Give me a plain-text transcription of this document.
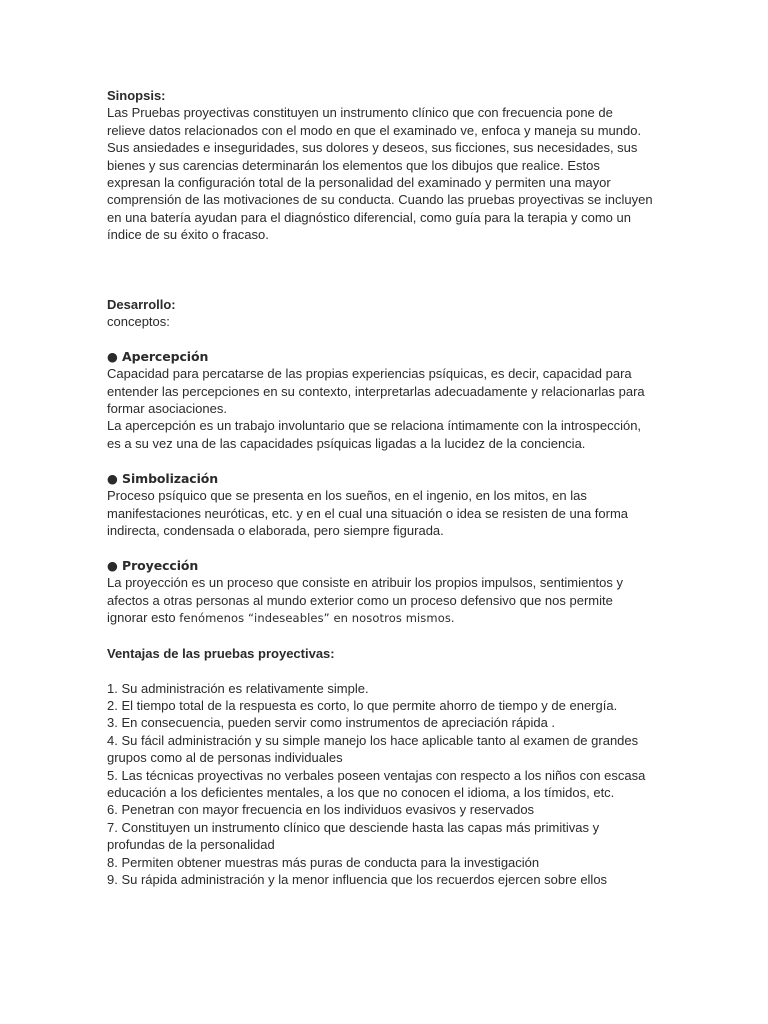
Sinopsis:

Las Pruebas proyectivas constituyen un instrumento clínico que con frecuencia pone de

relieve datos relacionados con el modo en que el examinado ve, enfoca y maneja su mundo.

Sus ansiedades e inseguridades, sus dolores y deseos, sus ficciones, sus necesidades, sus

bienes y sus carencias determinarán los elementos que los dibujos que realice. Estos

expresan la configuración total de la personalidad del examinado y permiten una mayor

comprensión de las motivaciones de su conducta. Cuando las pruebas proyectivas se incluyen

en una batería ayudan para el diagnóstico diferencial, como guía para la terapia y como un

índice de su éxito o fracaso.

Desarrollo:

conceptos:

● Apercepción

Capacidad para percatarse de las propias experiencias psíquicas, es decir, capacidad para

entender las percepciones en su contexto, interpretarlas adecuadamente y relacionarlas para

formar asociaciones.

La apercepción es un trabajo involuntario que se relaciona íntimamente con la introspección,

es a su vez una de las capacidades psíquicas ligadas a la lucidez de la conciencia.

● Simbolización

Proceso psíquico que se presenta en los sueños, en el ingenio, en los mitos, en las

manifestaciones neuróticas, etc. y en el cual una situación o idea se resisten de una forma

indirecta, condensada o elaborada, pero siempre figurada.

● Proyección

La proyección es un proceso que consiste en atribuir los propios impulsos, sentimientos y

afectos a otras personas al mundo exterior como un proceso defensivo que nos permite

ignorar esto fenómenos “indeseables” en nosotros mismos.

Ventajas de las pruebas proyectivas:

1. Su administración es relativamente simple.

2. El tiempo total de la respuesta es corto, lo que permite ahorro de tiempo y de energía.

3. En consecuencia, pueden servir como instrumentos de apreciación rápida .

4. Su fácil administración y su simple manejo los hace aplicable tanto al examen de grandes

grupos como al de personas individuales

5. Las técnicas proyectivas no verbales poseen ventajas con respecto a los niños con escasa

educación a los deficientes mentales, a los que no conocen el idioma, a los tímidos, etc.

6. Penetran con mayor frecuencia en los individuos evasivos y reservados

7. Constituyen un instrumento clínico que desciende hasta las capas más primitivas y

profundas de la personalidad

8. Permiten obtener muestras más puras de conducta para la investigación

9. Su rápida administración y la menor influencia que los recuerdos ejercen sobre ellos
